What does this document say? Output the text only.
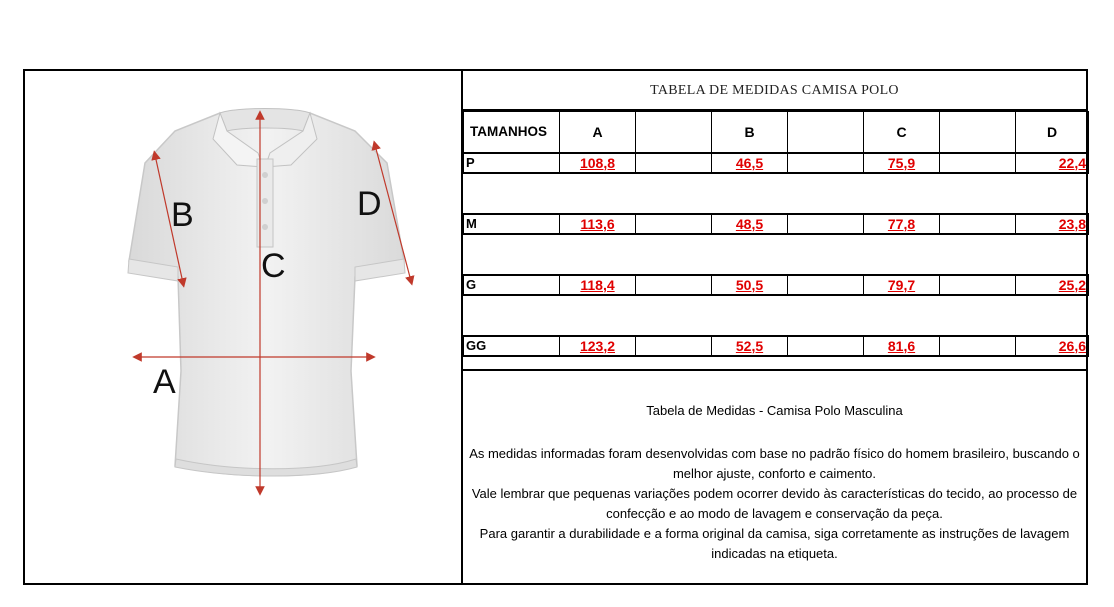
B	D
C
A
TABELA DE MEDIDAS CAMISA POLO
TAMANHOS	A		B		C		D
P	108,8		46,5		75,9		22,4

M	113,6		48,5		77,8		23,8

G	118,4		50,5		79,7		25,2

GG	123,2		52,5		81,6		26,6
Tabela de Medidas - Camisa Polo Masculina

As medidas informadas foram desenvolvidas com base no padrão físico do homem brasileiro, buscando o melhor ajuste, conforto e caimento.

Vale lembrar que pequenas variações podem ocorrer devido às características do tecido, ao processo de confecção e ao modo de lavagem e conservação da peça.

Para garantir a durabilidade e a forma original da camisa, siga corretamente as instruções de lavagem indicadas na etiqueta.
